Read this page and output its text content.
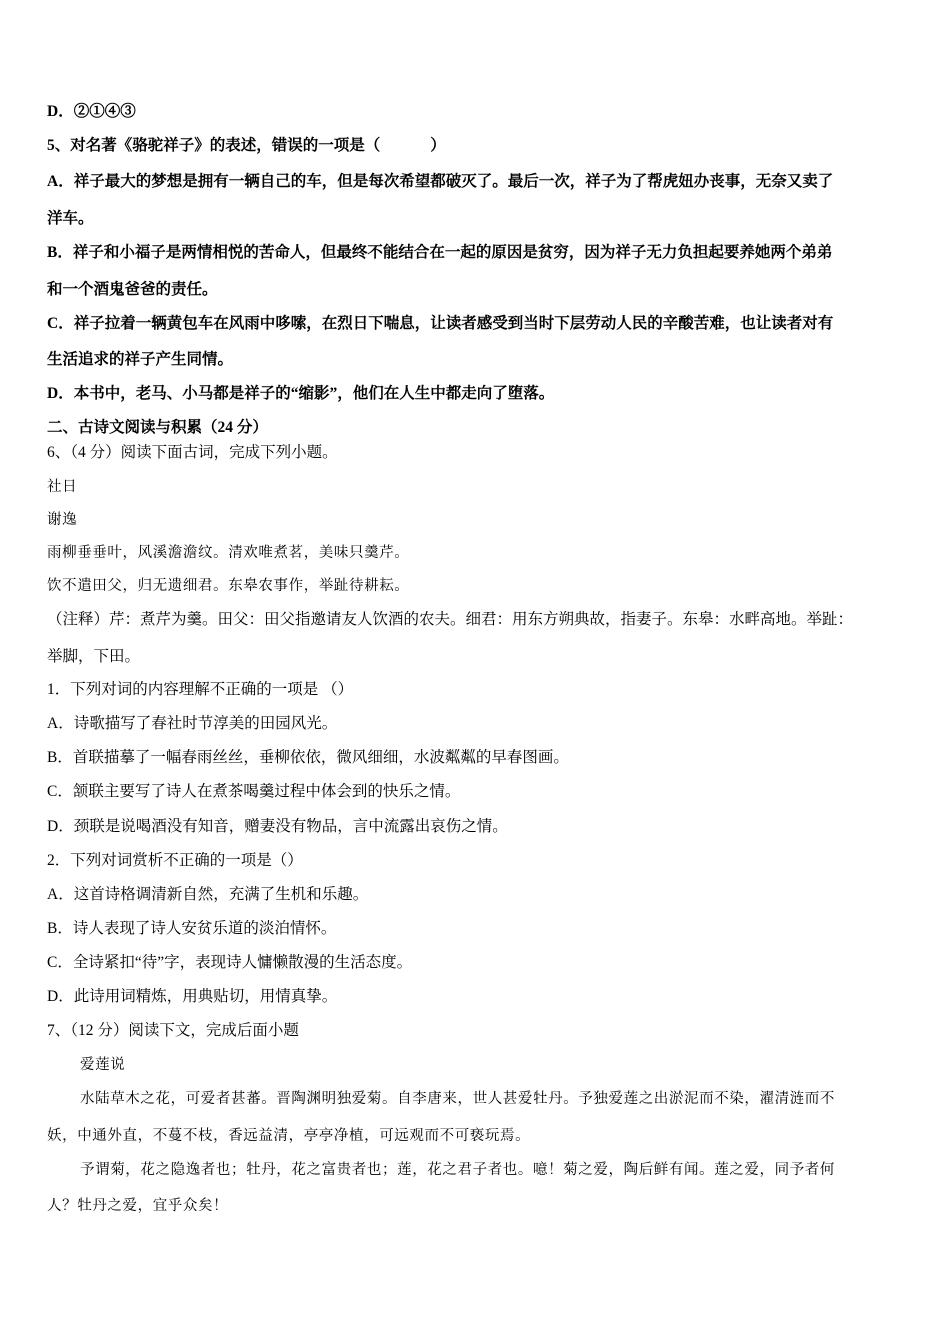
D．②①④③
5、对名著《骆驼祥子》的表述，错误的一项是（	）
A．祥子最大的梦想是拥有一辆自己的车，但是每次希望都破灭了。最后一次，祥子为了帮虎妞办丧事，无奈又卖了
洋车。
B．祥子和小福子是两情相悦的苦命人，但最终不能结合在一起的原因是贫穷，因为祥子无力负担起要养她两个弟弟
和一个酒鬼爸爸的责任。
C．祥子拉着一辆黄包车在风雨中哆嗦，在烈日下喘息，让读者感受到当时下层劳动人民的辛酸苦难，也让读者对有
生活追求的祥子产生同情。
D．本书中，老马、小马都是祥子的“缩影”，他们在人生中都走向了堕落。
二、古诗文阅读与积累（24 分）
6、（4 分）阅读下面古词，完成下列小题。
社日
谢逸
雨柳垂垂叶，风溪澹澹纹。清欢唯煮茗，美味只羹芹。
饮不遣田父，归无遗细君。东皋农事作，举趾待耕耘。
（注释）芹：煮芹为羹。田父：田父指邀请友人饮酒的农夫。细君：用东方朔典故，指妻子。东皋：水畔高地。举趾：
举脚，下田。
1．下列对词的内容理解不正确的一项是 （）
A．诗歌描写了春社时节淳美的田园风光。
B．首联描摹了一幅春雨丝丝，垂柳依依，微风细细，水波粼粼的早春图画。
C．颔联主要写了诗人在煮茶喝羹过程中体会到的快乐之情。
D．颈联是说喝酒没有知音，赠妻没有物品，言中流露出哀伤之情。
2．下列对词赏析不正确的一项是（）
A．这首诗格调清新自然，充满了生机和乐趣。
B．诗人表现了诗人安贫乐道的淡泊情怀。
C．全诗紧扣“待”字，表现诗人慵懒散漫的生活态度。
D．此诗用词精炼，用典贴切，用情真挚。
7、（12 分）阅读下文，完成后面小题
爱莲说
水陆草木之花，可爱者甚蕃。晋陶渊明独爱菊。自李唐来，世人甚爱牡丹。予独爱莲之出淤泥而不染，濯清涟而不
妖，中通外直，不蔓不枝，香远益清，亭亭净植，可远观而不可亵玩焉。
予谓菊，花之隐逸者也；牡丹，花之富贵者也；莲，花之君子者也。噫！菊之爱，陶后鲜有闻。莲之爱，同予者何
人？牡丹之爱，宜乎众矣！
